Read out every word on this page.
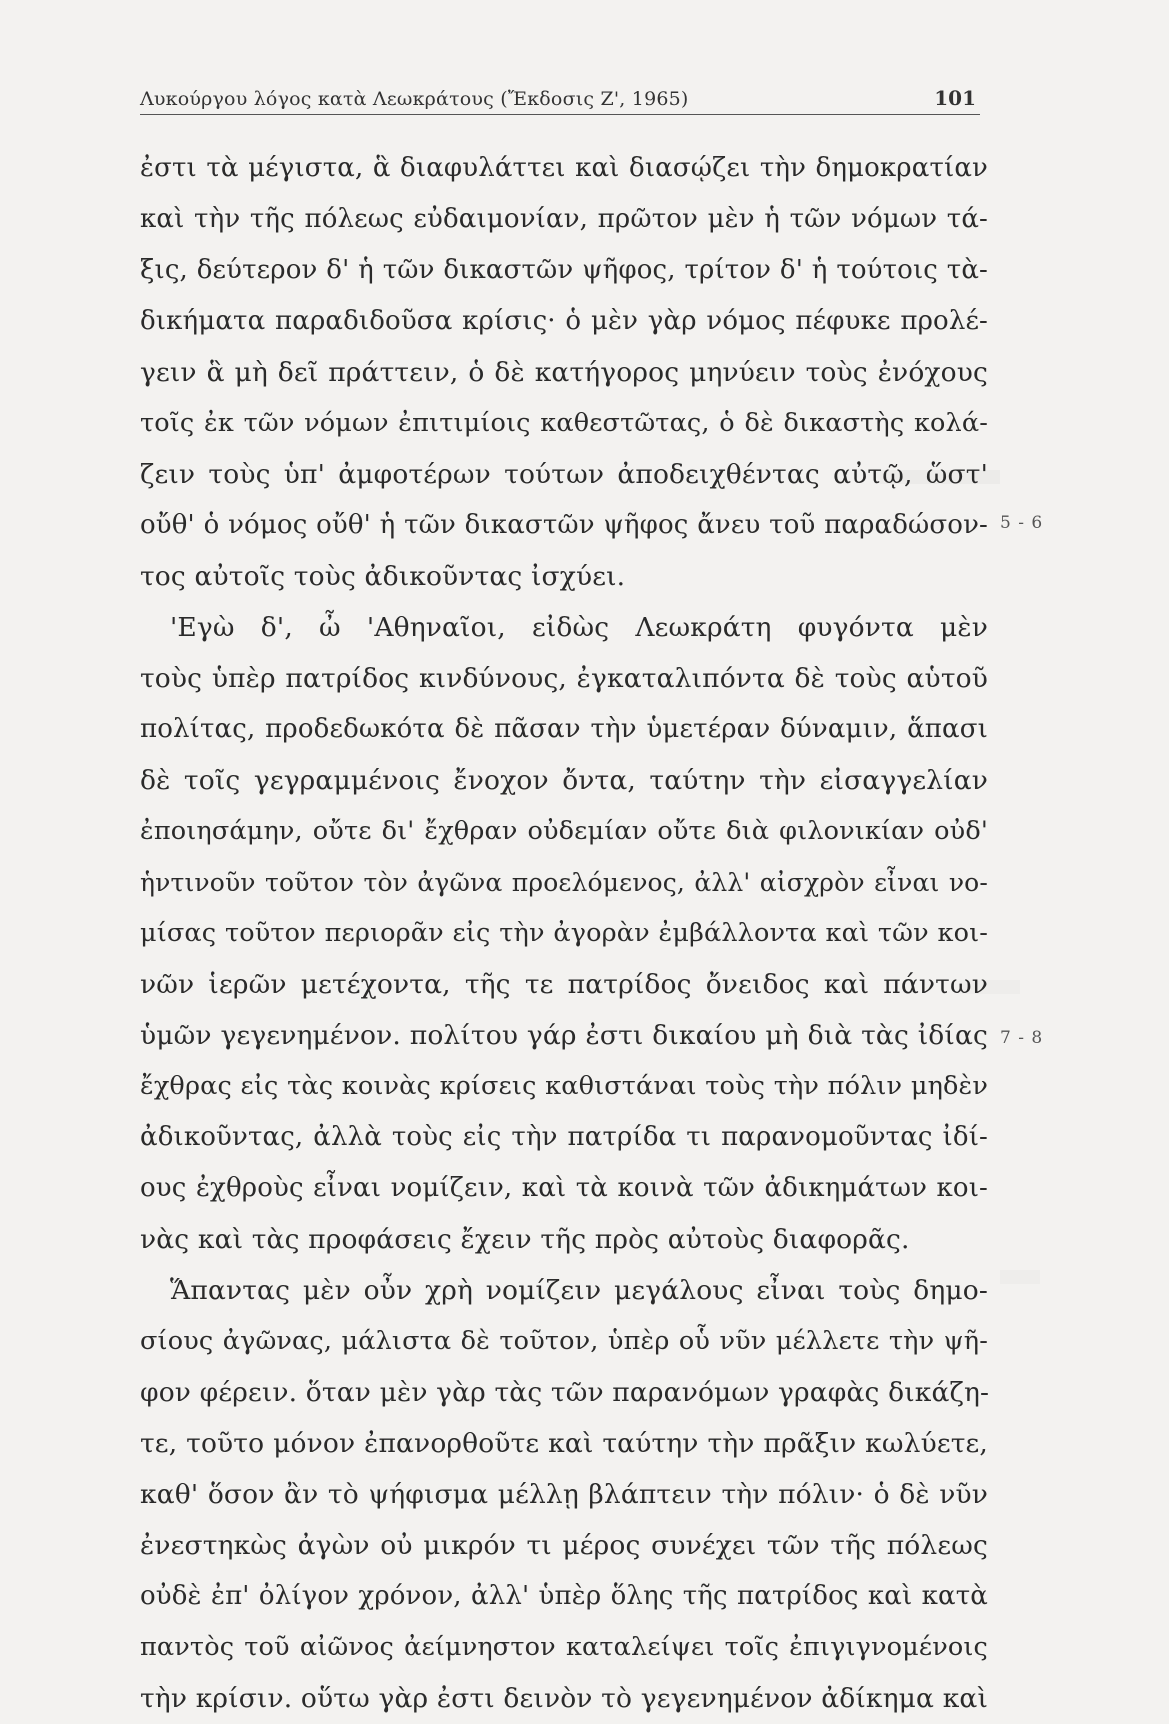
Λυκούργου λόγος κατὰ Λεωκράτους (Ἔκδοσις Ζ', 1965)	101
ἐστι τὰ μέγιστα, ἃ διαφυλάττει καὶ διασῴζει τὴν δημοκρατίαν
καὶ τὴν τῆς πόλεως εὐδαιμονίαν, πρῶτον μὲν ἡ τῶν νόμων τά-
ξις, δεύτερον δ' ἡ τῶν δικαστῶν ψῆφος, τρίτον δ' ἡ τούτοις τὰ-
δικήματα παραδιδοῦσα κρίσις· ὁ μὲν γὰρ νόμος πέφυκε προλέ-
γειν ἃ μὴ δεῖ πράττειν, ὁ δὲ κατήγορος μηνύειν τοὺς ἐνόχους
τοῖς ἐκ τῶν νόμων ἐπιτιμίοις καθεστῶτας, ὁ δὲ δικαστὴς κολά-
ζειν τοὺς ὑπ' ἀμφοτέρων τούτων ἀποδειχθέντας αὐτῷ, ὥστ'
οὔθ' ὁ νόμος οὔθ' ἡ τῶν δικαστῶν ψῆφος ἄνευ τοῦ παραδώσον-
τος αὐτοῖς τοὺς ἀδικοῦντας ἰσχύει.
'Εγὼ δ', ὦ 'Αθηναῖοι, εἰδὼς Λεωκράτη φυγόντα μὲν
τοὺς ὑπὲρ πατρίδος κινδύνους, ἐγκαταλιπόντα δὲ τοὺς αὑτοῦ
πολίτας, προδεδωκότα δὲ πᾶσαν τὴν ὑμετέραν δύναμιν, ἅπασι
δὲ τοῖς γεγραμμένοις ἔνοχον ὄντα, ταύτην τὴν εἰσαγγελίαν
ἐποιησάμην, οὔτε δι' ἔχθραν οὐδεμίαν οὔτε διὰ φιλονικίαν οὐδ'
ἡντινοῦν τοῦτον τὸν ἀγῶνα προελόμενος, ἀλλ' αἰσχρὸν εἶναι νο-
μίσας τοῦτον περιορᾶν εἰς τὴν ἀγορὰν ἐμβάλλοντα καὶ τῶν κοι-
νῶν ἱερῶν μετέχοντα, τῆς τε πατρίδος ὄνειδος καὶ πάντων
ὑμῶν γεγενημένον. πολίτου γάρ ἐστι δικαίου μὴ διὰ τὰς ἰδίας
ἔχθρας εἰς τὰς κοινὰς κρίσεις καθιστάναι τοὺς τὴν πόλιν μηδὲν
ἀδικοῦντας, ἀλλὰ τοὺς εἰς τὴν πατρίδα τι παρανομοῦντας ἰδί-
ους ἐχθροὺς εἶναι νομίζειν, καὶ τὰ κοινὰ τῶν ἀδικημάτων κοι-
νὰς καὶ τὰς προφάσεις ἔχειν τῆς πρὸς αὐτοὺς διαφορᾶς.
Ἅπαντας μὲν οὖν χρὴ νομίζειν μεγάλους εἶναι τοὺς δημο-
σίους ἀγῶνας, μάλιστα δὲ τοῦτον, ὑπὲρ οὗ νῦν μέλλετε τὴν ψῆ-
φον φέρειν. ὅταν μὲν γὰρ τὰς τῶν παρανόμων γραφὰς δικάζη-
τε, τοῦτο μόνον ἐπανορθοῦτε καὶ ταύτην τὴν πρᾶξιν κωλύετε,
καθ' ὅσον ἂν τὸ ψήφισμα μέλλῃ βλάπτειν τὴν πόλιν· ὁ δὲ νῦν
ἐνεστηκὼς ἀγὼν οὐ μικρόν τι μέρος συνέχει τῶν τῆς πόλεως
οὐδὲ ἐπ' ὀλίγον χρόνον, ἀλλ' ὑπὲρ ὅλης τῆς πατρίδος καὶ κατὰ
παντὸς τοῦ αἰῶνος ἀείμνηστον καταλείψει τοῖς ἐπιγιγνομένοις
τὴν κρίσιν. οὕτω γὰρ ἐστι δεινὸν τὸ γεγενημένον ἀδίκημα καὶ
5 - 6
7 - 8
